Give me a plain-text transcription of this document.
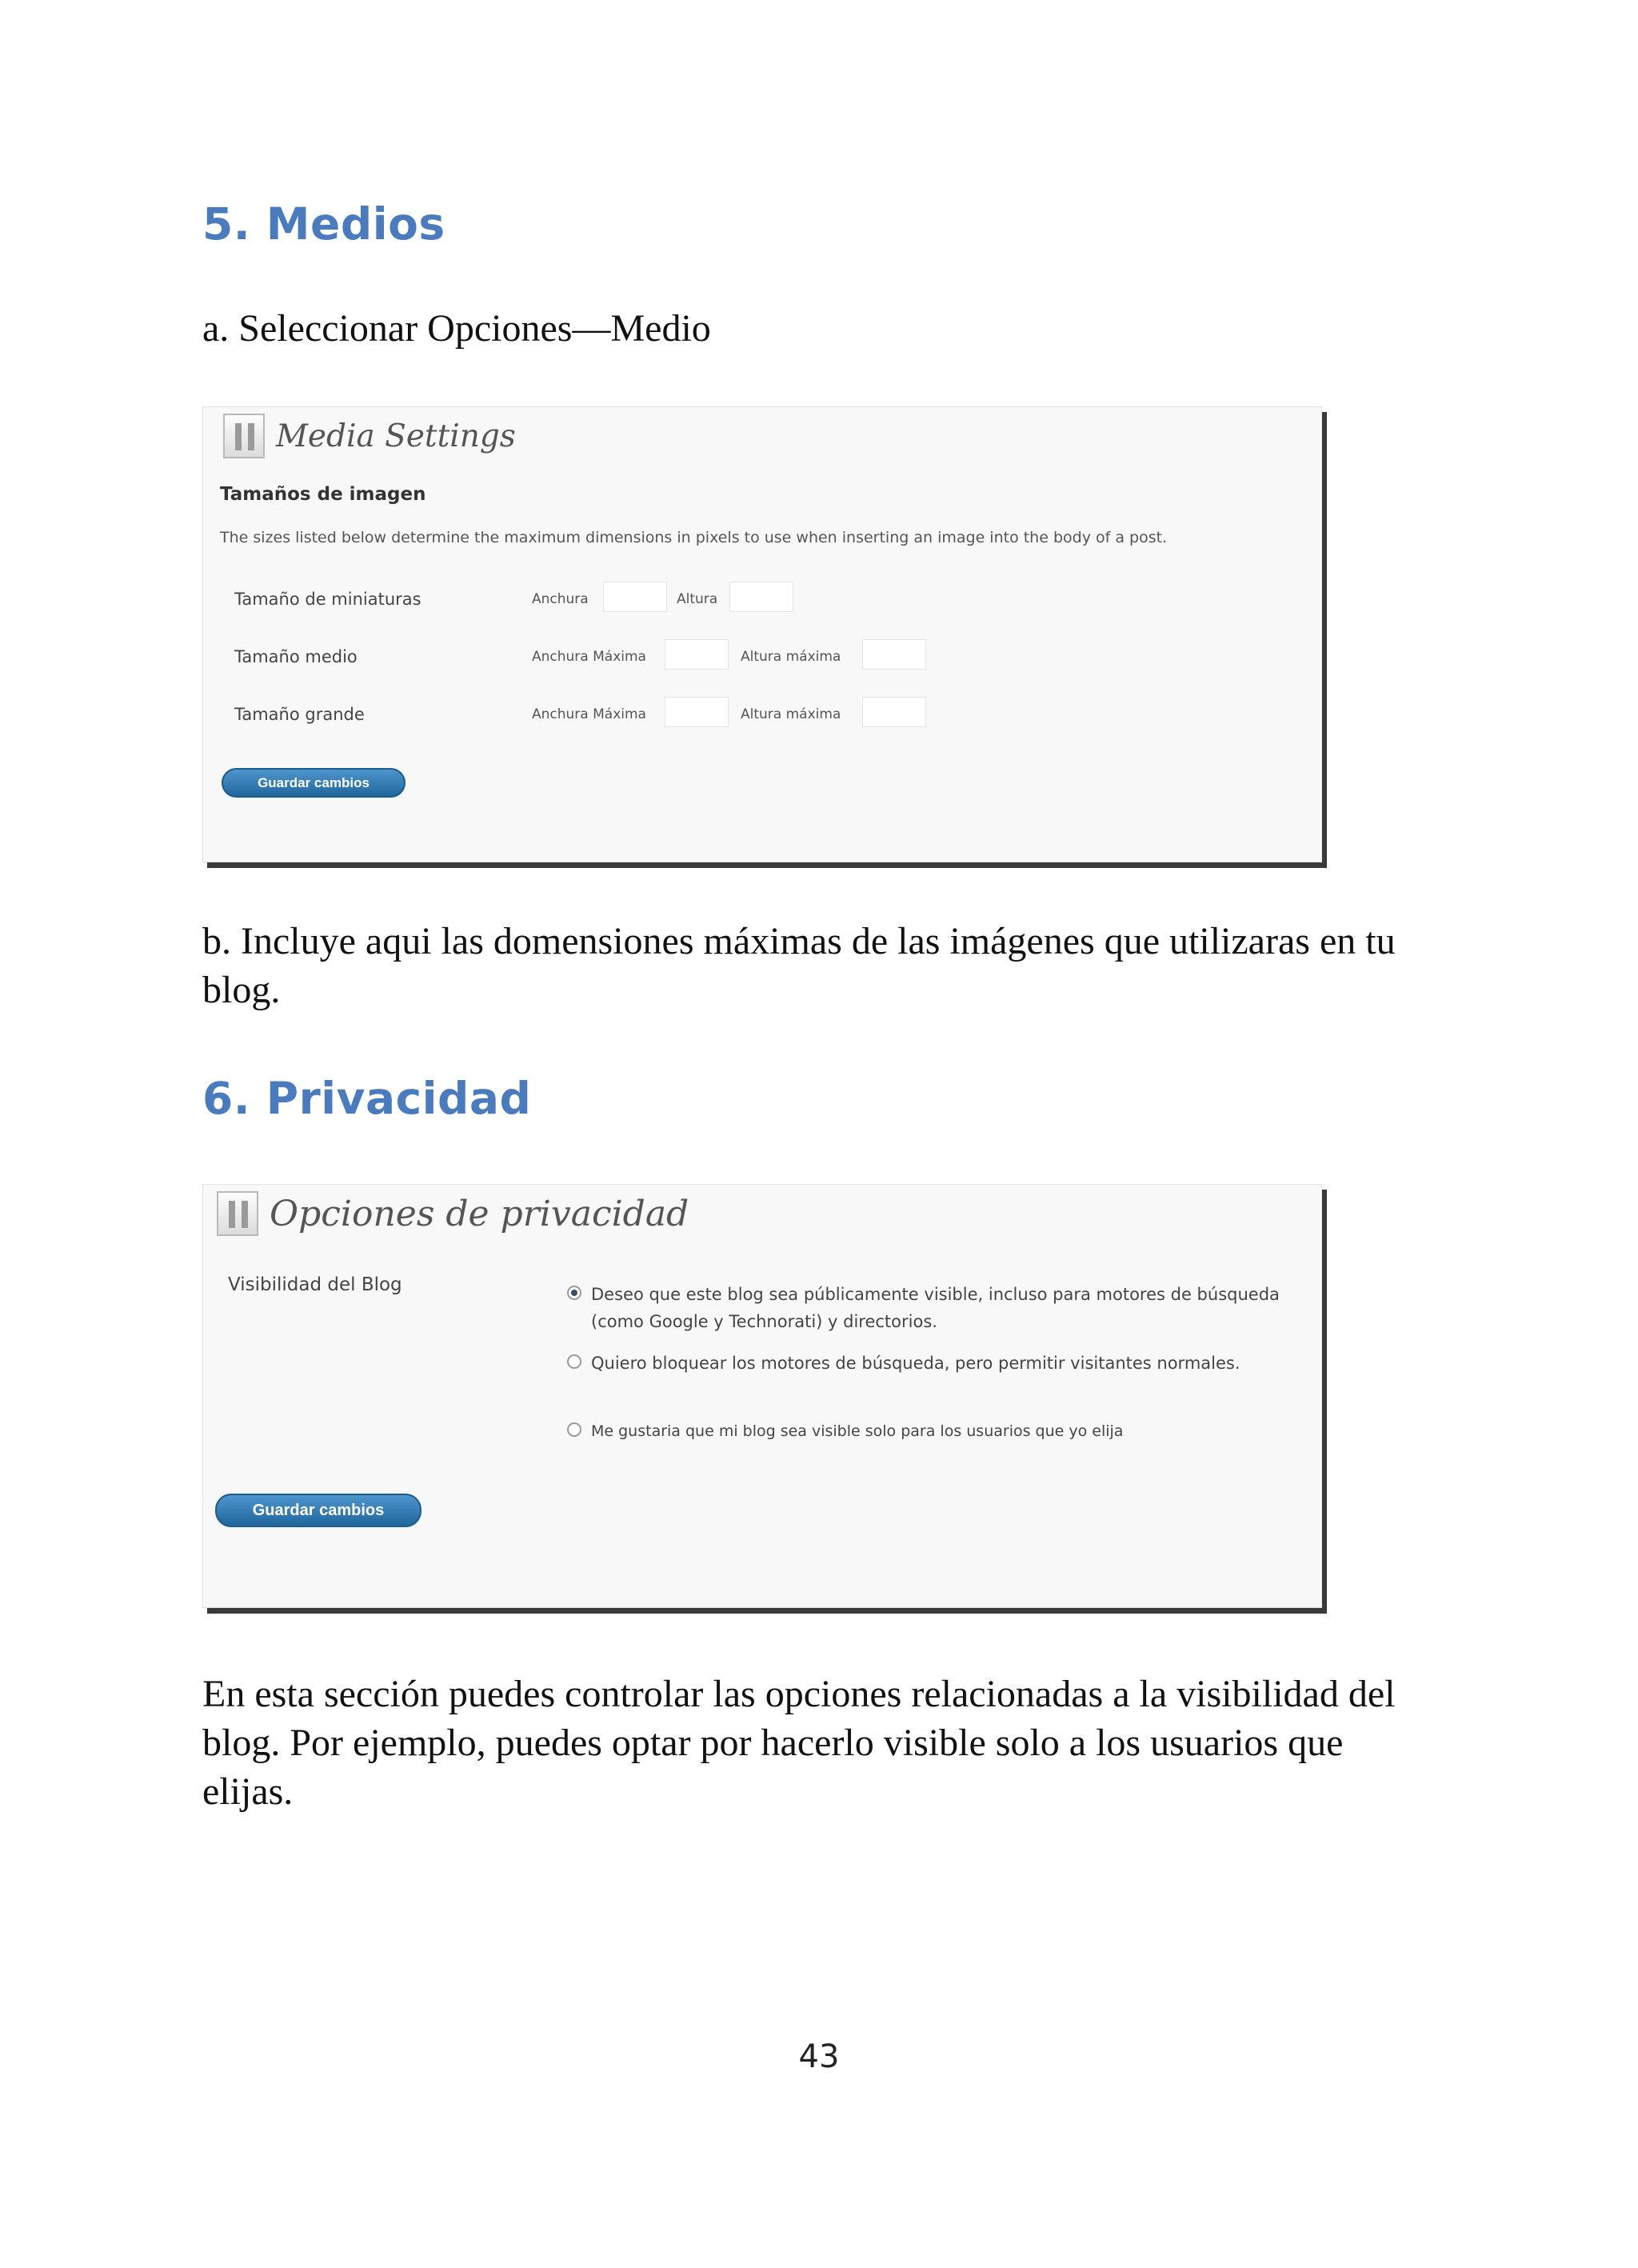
5. Medios

a. Seleccionar Opciones—Medio

Media Settings
Tamaños de imagen
The sizes listed below determine the maximum dimensions in pixels to use when inserting an image into the body of a post.
Tamaño de miniaturas	Anchura	Altura
Tamaño medio	Anchura Máxima	Altura máxima
Tamaño grande	Anchura Máxima	Altura máxima
Guardar cambios

b. Incluye aqui las domensiones máximas de las imágenes que utilizaras en tu blog.

6. Privacidad
Opciones de privacidad
Visibilidad del Blog	Deseo que este blog sea públicamente visible, incluso para motores de búsqueda (como Google y Technorati) y directorios.
Quiero bloquear los motores de búsqueda, pero permitir visitantes normales.
Me gustaria que mi blog sea visible solo para los usuarios que yo elija
Guardar cambios

En esta sección puedes controlar las opciones relacionadas a la visibilidad del blog. Por ejemplo, puedes optar por hacerlo visible solo a los usuarios que elijas.

43
